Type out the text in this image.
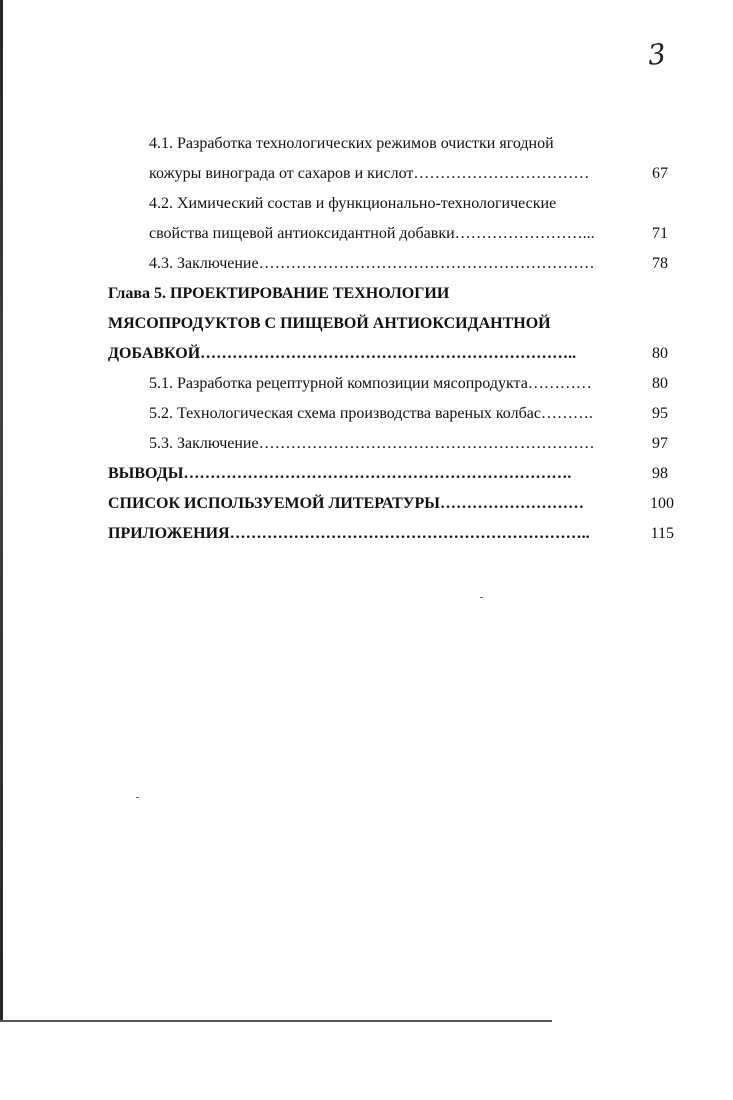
3
4.1. Разработка технологических режимов очистки ягодной
кожуры винограда от сахаров и кислот……………………………	67
4.2. Химический состав и функционально-технологические
свойства пищевой антиоксидантной добавки……………………...	71
4.3. Заключение………………………………………………………	78
Глава 5. ПРОЕКТИРОВАНИЕ ТЕХНОЛОГИИ
МЯСОПРОДУКТОВ С ПИЩЕВОЙ АНТИОКСИДАНТНОЙ
ДОБАВКОЙ……………………………………………………………..	80
5.1. Разработка рецептурной композиции мясопродукта…………	80
5.2. Технологическая схема производства вареных колбас……….	95
5.3. Заключение………………………………………………………	97
ВЫВОДЫ……………………………………………………………….	98
СПИСОК ИСПОЛЬЗУЕМОЙ ЛИТЕРАТУРЫ………………………	100
ПРИЛОЖЕНИЯ…………………………………………………………..	115
